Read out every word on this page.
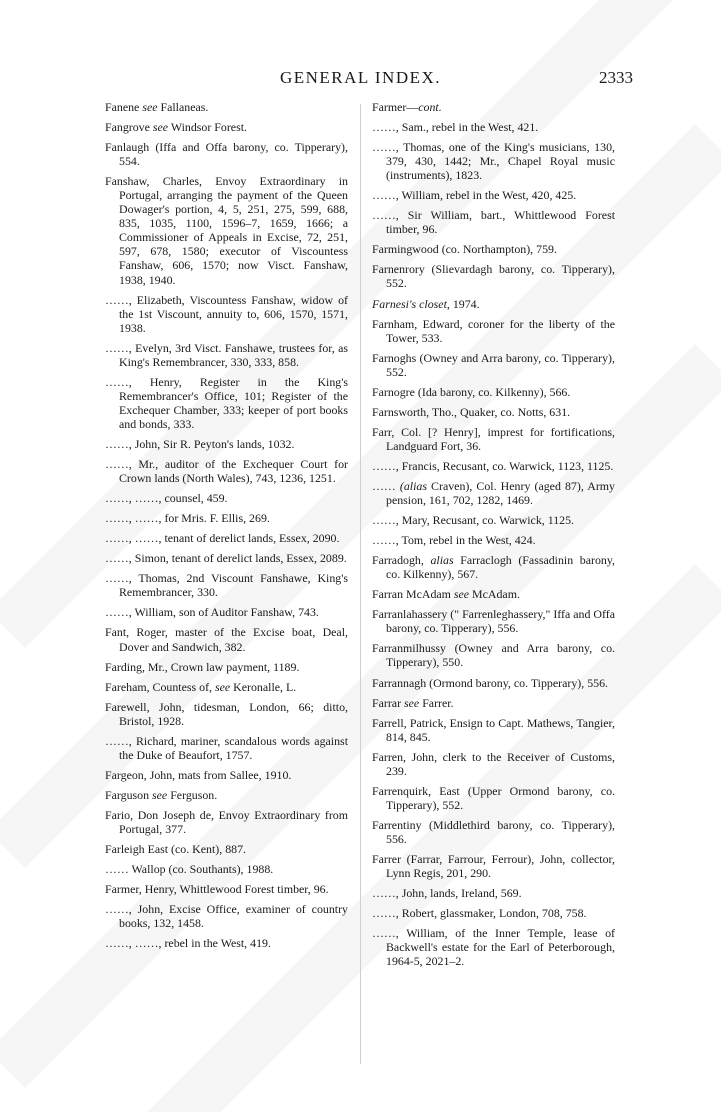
GENERAL INDEX.	2333
Fanene see Fallaneas.
Fangrove see Windsor Forest.
Fanlaugh (Iffa and Offa barony, co. Tipperary), 554.
Fanshaw, Charles, Envoy Extraordinary in Portugal, arranging the payment of the Queen Dowager's portion, 4, 5, 251, 275, 599, 688, 835, 1035, 1100, 1596–7, 1659, 1666; a Commissioner of Appeals in Excise, 72, 251, 597, 678, 1580; executor of Viscountess Fanshaw, 606, 1570; now Visct. Fanshaw, 1938, 1940.
……, Elizabeth, Viscountess Fanshaw, widow of the 1st Viscount, annuity to, 606, 1570, 1571, 1938.
……, Evelyn, 3rd Visct. Fanshawe, trustees for, as King's Remembrancer, 330, 333, 858.
……, Henry, Register in the King's Remembrancer's Office, 101; Register of the Exchequer Chamber, 333; keeper of port books and bonds, 333.
……, John, Sir R. Peyton's lands, 1032.
……, Mr., auditor of the Exchequer Court for Crown lands (North Wales), 743, 1236, 1251.
……, ……, counsel, 459.
……, ……, for Mris. F. Ellis, 269.
……, ……, tenant of derelict lands, Essex, 2090.
……, Simon, tenant of derelict lands, Essex, 2089.
……, Thomas, 2nd Viscount Fanshawe, King's Remembrancer, 330.
……, William, son of Auditor Fanshaw, 743.
Fant, Roger, master of the Excise boat, Deal, Dover and Sandwich, 382.
Farding, Mr., Crown law payment, 1189.
Fareham, Countess of, see Keronalle, L.
Farewell, John, tidesman, London, 66; ditto, Bristol, 1928.
……, Richard, mariner, scandalous words against the Duke of Beaufort, 1757.
Fargeon, John, mats from Sallee, 1910.
Farguson see Ferguson.
Fario, Don Joseph de, Envoy Extraordinary from Portugal, 377.
Farleigh East (co. Kent), 887.
…… Wallop (co. Southants), 1988.
Farmer, Henry, Whittlewood Forest timber, 96.
……, John, Excise Office, examiner of country books, 132, 1458.
……, ……, rebel in the West, 419.
Farmer—cont.
……, Sam., rebel in the West, 421.
……, Thomas, one of the King's musicians, 130, 379, 430, 1442; Mr., Chapel Royal music (instruments), 1823.
……, William, rebel in the West, 420, 425.
……, Sir William, bart., Whittlewood Forest timber, 96.
Farmingwood (co. Northampton), 759.
Farnenrory (Slievardagh barony, co. Tipperary), 552.
Farnesi's closet, 1974.
Farnham, Edward, coroner for the liberty of the Tower, 533.
Farnoghs (Owney and Arra barony, co. Tipperary), 552.
Farnogre (Ida barony, co. Kilkenny), 566.
Farnsworth, Tho., Quaker, co. Notts, 631.
Farr, Col. [? Henry], imprest for fortifications, Landguard Fort, 36.
……, Francis, Recusant, co. Warwick, 1123, 1125.
…… (alias Craven), Col. Henry (aged 87), Army pension, 161, 702, 1282, 1469.
……, Mary, Recusant, co. Warwick, 1125.
……, Tom, rebel in the West, 424.
Farradogh, alias Farraclogh (Fassadinin barony, co. Kilkenny), 567.
Farran McAdam see McAdam.
Farranlahassery (" Farrenleghassery," Iffa and Offa barony, co. Tipperary), 556.
Farranmilhussy (Owney and Arra barony, co. Tipperary), 550.
Farrannagh (Ormond barony, co. Tipperary), 556.
Farrar see Farrer.
Farrell, Patrick, Ensign to Capt. Mathews, Tangier, 814, 845.
Farren, John, clerk to the Receiver of Customs, 239.
Farrenquirk, East (Upper Ormond barony, co. Tipperary), 552.
Farrentiny (Middlethird barony, co. Tipperary), 556.
Farrer (Farrar, Farrour, Ferrour), John, collector, Lynn Regis, 201, 290.
……, John, lands, Ireland, 569.
……, Robert, glassmaker, London, 708, 758.
……, William, of the Inner Temple, lease of Backwell's estate for the Earl of Peterborough, 1964-5, 2021–2.
